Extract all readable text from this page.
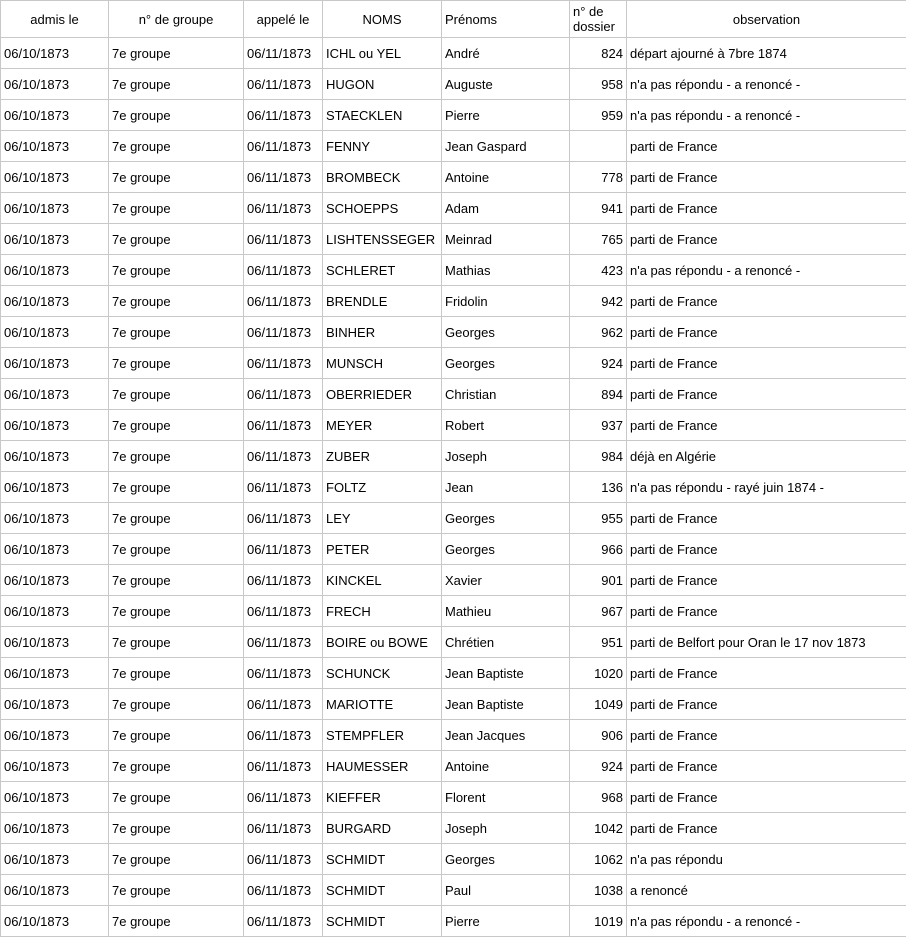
admis le	n° de groupe	appelé le	NOMS	Prénoms	n° de dossier	observation
06/10/1873	7e groupe	06/11/1873	ICHL ou YEL	André	824	départ ajourné à 7bre 1874
06/10/1873	7e groupe	06/11/1873	HUGON	Auguste	958	n'a pas répondu - a renoncé -
06/10/1873	7e groupe	06/11/1873	STAECKLEN	Pierre	959	n'a pas répondu - a renoncé -
06/10/1873	7e groupe	06/11/1873	FENNY	Jean Gaspard		parti de France
06/10/1873	7e groupe	06/11/1873	BROMBECK	Antoine	778	parti de France
06/10/1873	7e groupe	06/11/1873	SCHOEPPS	Adam	941	parti de France
06/10/1873	7e groupe	06/11/1873	LISHTENSSEGER	Meinrad	765	parti de France
06/10/1873	7e groupe	06/11/1873	SCHLERET	Mathias	423	n'a pas répondu - a renoncé -
06/10/1873	7e groupe	06/11/1873	BRENDLE	Fridolin	942	parti de France
06/10/1873	7e groupe	06/11/1873	BINHER	Georges	962	parti de France
06/10/1873	7e groupe	06/11/1873	MUNSCH	Georges	924	parti de France
06/10/1873	7e groupe	06/11/1873	OBERRIEDER	Christian	894	parti de France
06/10/1873	7e groupe	06/11/1873	MEYER	Robert	937	parti de France
06/10/1873	7e groupe	06/11/1873	ZUBER	Joseph	984	déjà en Algérie
06/10/1873	7e groupe	06/11/1873	FOLTZ	Jean	136	n'a pas répondu - rayé juin 1874 -
06/10/1873	7e groupe	06/11/1873	LEY	Georges	955	parti de France
06/10/1873	7e groupe	06/11/1873	PETER	Georges	966	parti de France
06/10/1873	7e groupe	06/11/1873	KINCKEL	Xavier	901	parti de France
06/10/1873	7e groupe	06/11/1873	FRECH	Mathieu	967	parti de France
06/10/1873	7e groupe	06/11/1873	BOIRE ou BOWE	Chrétien	951	parti de Belfort pour Oran le 17 nov 1873
06/10/1873	7e groupe	06/11/1873	SCHUNCK	Jean Baptiste	1020	parti de France
06/10/1873	7e groupe	06/11/1873	MARIOTTE	Jean Baptiste	1049	parti de France
06/10/1873	7e groupe	06/11/1873	STEMPFLER	Jean Jacques	906	parti de France
06/10/1873	7e groupe	06/11/1873	HAUMESSER	Antoine	924	parti de France
06/10/1873	7e groupe	06/11/1873	KIEFFER	Florent	968	parti de France
06/10/1873	7e groupe	06/11/1873	BURGARD	Joseph	1042	parti de France
06/10/1873	7e groupe	06/11/1873	SCHMIDT	Georges	1062	n'a pas répondu
06/10/1873	7e groupe	06/11/1873	SCHMIDT	Paul	1038	a renoncé
06/10/1873	7e groupe	06/11/1873	SCHMIDT	Pierre	1019	n'a pas répondu - a renoncé -
